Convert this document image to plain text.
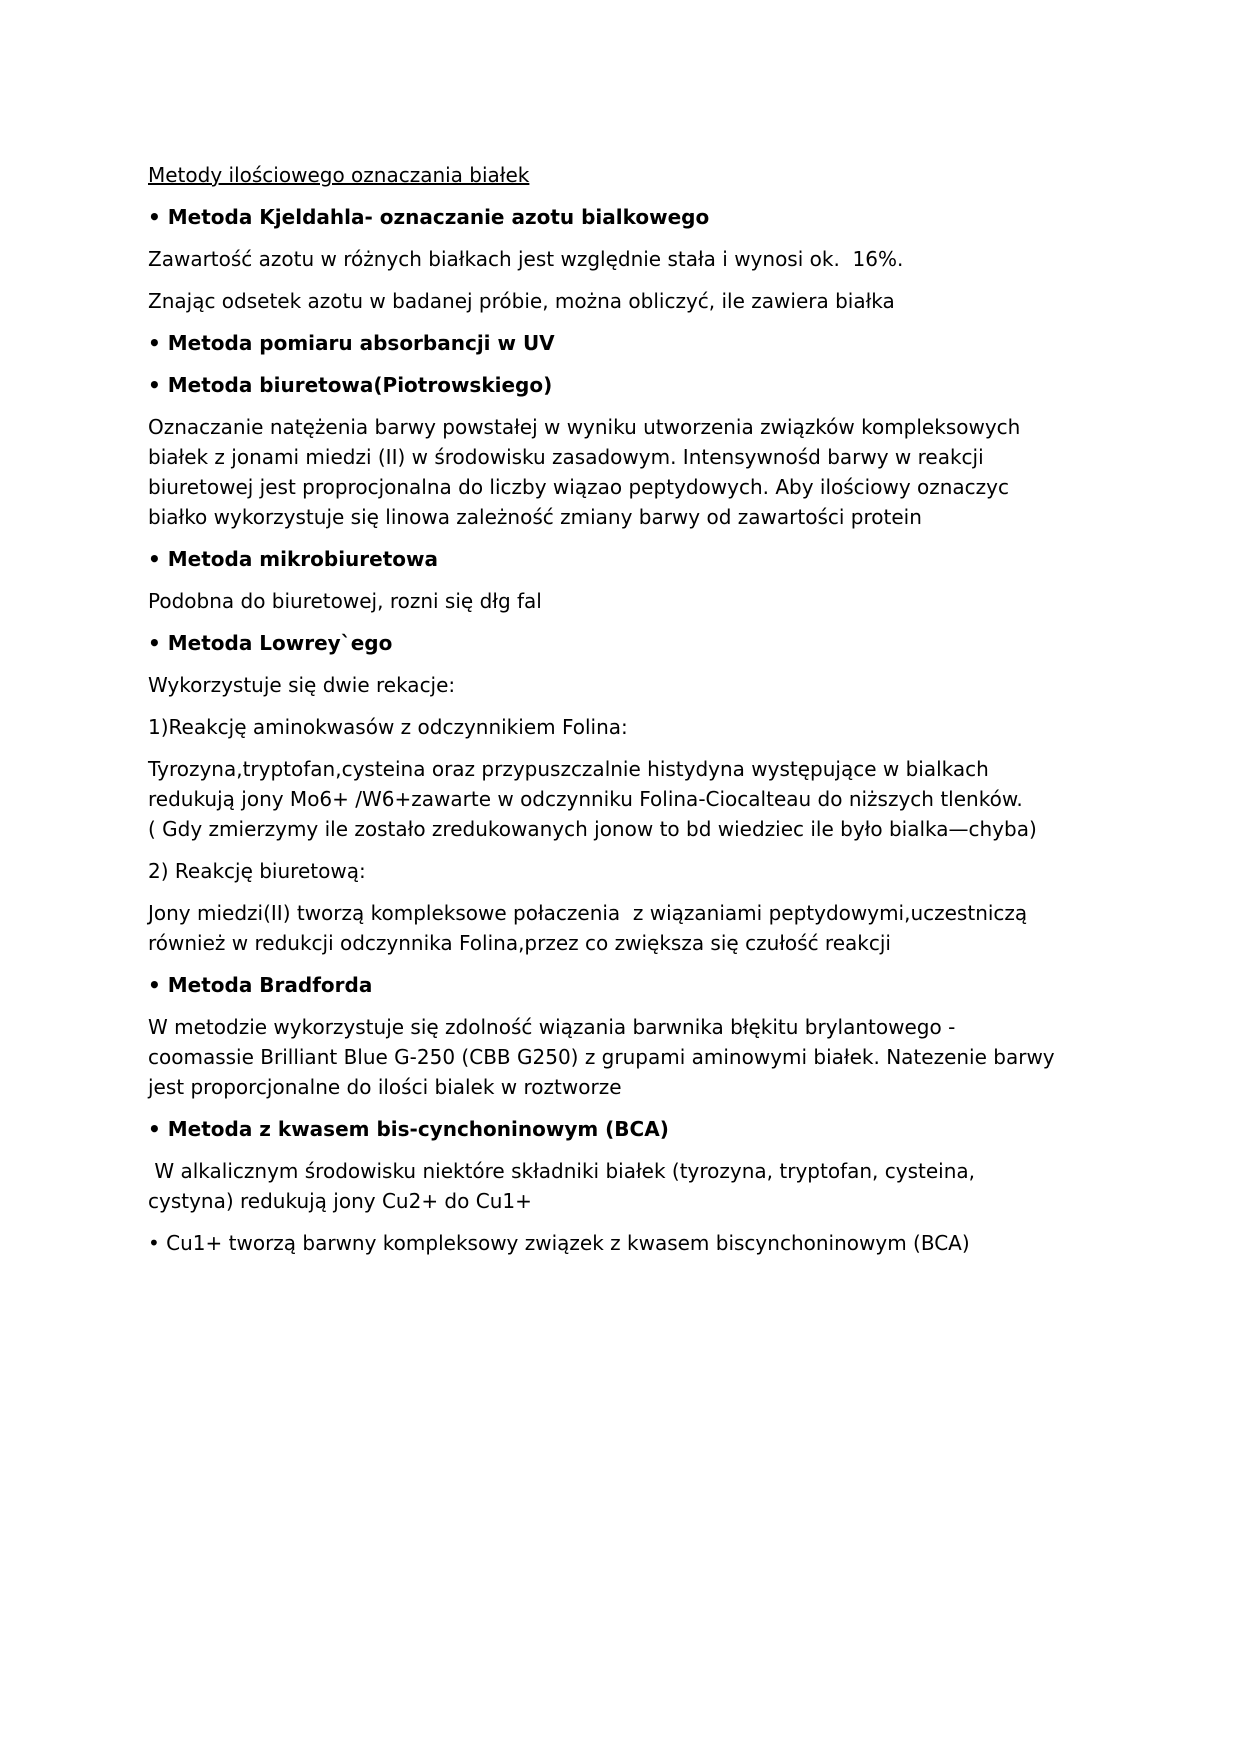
Metody ilościowego oznaczania białek
• Metoda Kjeldahla- oznaczanie azotu bialkowego
Zawartość azotu w różnych białkach jest względnie stała i wynosi ok.  16%.
Znając odsetek azotu w badanej próbie, można obliczyć, ile zawiera białka
• Metoda pomiaru absorbancji w UV
• Metoda biuretowa(Piotrowskiego)
Oznaczanie natężenia barwy powstałej w wyniku utworzenia związków kompleksowych
białek z jonami miedzi (II) w środowisku zasadowym. Intensywnośd barwy w reakcji
biuretowej jest proprocjonalna do liczby wiązao peptydowych. Aby ilościowy oznaczyc
białko wykorzystuje się linowa zależność zmiany barwy od zawartości protein
• Metoda mikrobiuretowa
Podobna do biuretowej, rozni się dłg fal
• Metoda Lowrey`ego
Wykorzystuje się dwie rekacje:
1)Reakcję aminokwasów z odczynnikiem Folina:
Tyrozyna,tryptofan,cysteina oraz przypuszczalnie histydyna występujące w bialkach
redukują jony Mo6+ /W6+zawarte w odczynniku Folina-Ciocalteau do niższych tlenków.
( Gdy zmierzymy ile zostało zredukowanych jonow to bd wiedziec ile było bialka—chyba)
2) Reakcję biuretową:
Jony miedzi(II) tworzą kompleksowe połaczenia  z wiązaniami peptydowymi,uczestniczą
również w redukcji odczynnika Folina,przez co zwiększa się czułość reakcji
• Metoda Bradforda
W metodzie wykorzystuje się zdolność wiązania barwnika błękitu brylantowego -
coomassie Brilliant Blue G-250 (CBB G250) z grupami aminowymi białek. Natezenie barwy
jest proporcjonalne do ilości bialek w roztworze
• Metoda z kwasem bis-cynchoninowym (BCA)
W alkalicznym środowisku niektóre składniki białek (tyrozyna, tryptofan, cysteina,
cystyna) redukują jony Cu2+ do Cu1+
• Cu1+ tworzą barwny kompleksowy związek z kwasem biscynchoninowym (BCA)
